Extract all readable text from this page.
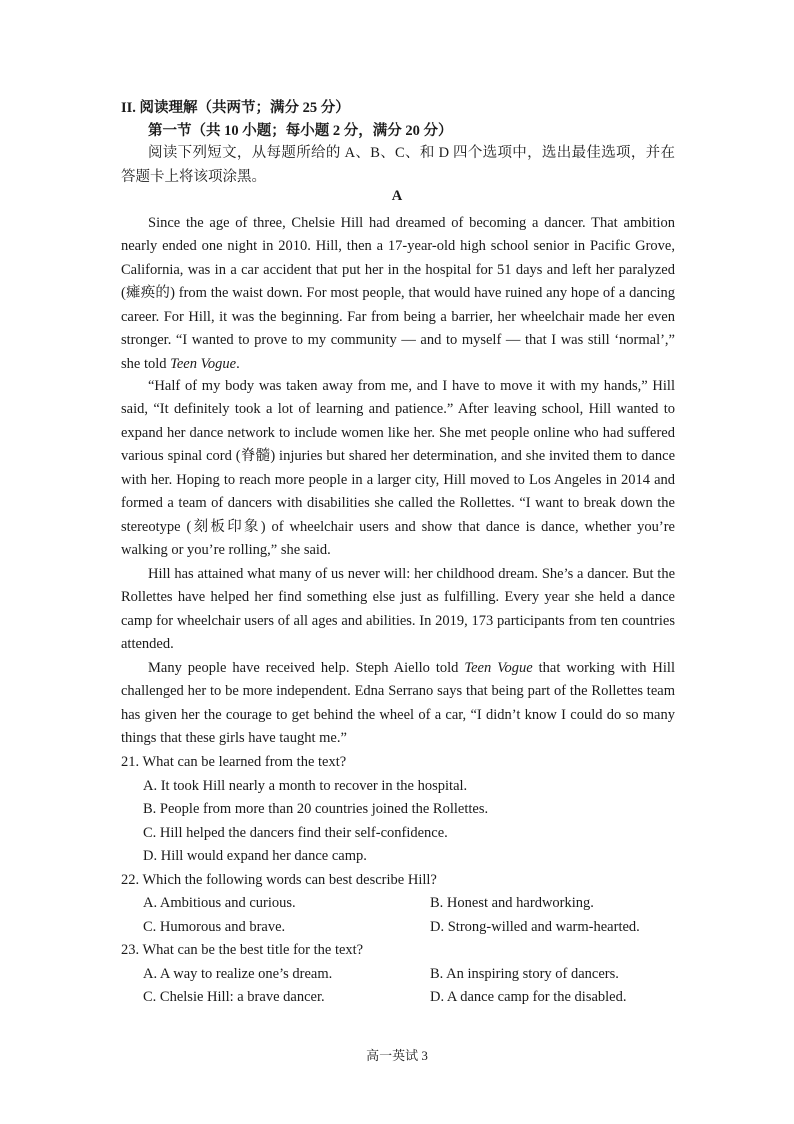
II. 阅读理解（共两节；满分 25 分）
第一节（共 10 小题；每小题 2 分，满分 20 分）
阅读下列短文，从每题所给的 A、B、C、和 D 四个选项中，选出最佳选项，并在答题卡上将该项涂黑。
A

Since the age of three, Chelsie Hill had dreamed of becoming a dancer. That ambition nearly ended one night in 2010. Hill, then a 17-year-old high school senior in Pacific Grove, California, was in a car accident that put her in the hospital for 51 days and left her paralyzed (瘫痪的) from the waist down. For most people, that would have ruined any hope of a dancing career. For Hill, it was the beginning. Far from being a barrier, her wheelchair made her even stronger. “I wanted to prove to my community — and to myself — that I was still ‘normal’,” she told Teen Vogue.

“Half of my body was taken away from me, and I have to move it with my hands,” Hill said, “It definitely took a lot of learning and patience.” After leaving school, Hill wanted to expand her dance network to include women like her. She met people online who had suffered various spinal cord (脊髓) injuries but shared her determination, and she invited them to dance with her. Hoping to reach more people in a larger city, Hill moved to Los Angeles in 2014 and formed a team of dancers with disabilities she called the Rollettes. “I want to break down the stereotype (刻板印象) of wheelchair users and show that dance is dance, whether you’re walking or you’re rolling,” she said.

Hill has attained what many of us never will: her childhood dream. She’s a dancer. But the Rollettes have helped her find something else just as fulfilling. Every year she held a dance camp for wheelchair users of all ages and abilities. In 2019, 173 participants from ten countries attended.

Many people have received help. Steph Aiello told Teen Vogue that working with Hill challenged her to be more independent. Edna Serrano says that being part of the Rollettes team has given her the courage to get behind the wheel of a car, “I didn’t know I could do so many things that these girls have taught me.”

21. What can be learned from the text?
A. It took Hill nearly a month to recover in the hospital.
B. People from more than 20 countries joined the Rollettes.
C. Hill helped the dancers find their self-confidence.
D. Hill would expand her dance camp.
22. Which the following words can best describe Hill?
A. Ambitious and curious.	B. Honest and hardworking.
C. Humorous and brave.	D. Strong-willed and warm-hearted.
23. What can be the best title for the text?
A. A way to realize one’s dream.	B. An inspiring story of dancers.
C. Chelsie Hill: a brave dancer.	D. A dance camp for the disabled.
高一英试 3
